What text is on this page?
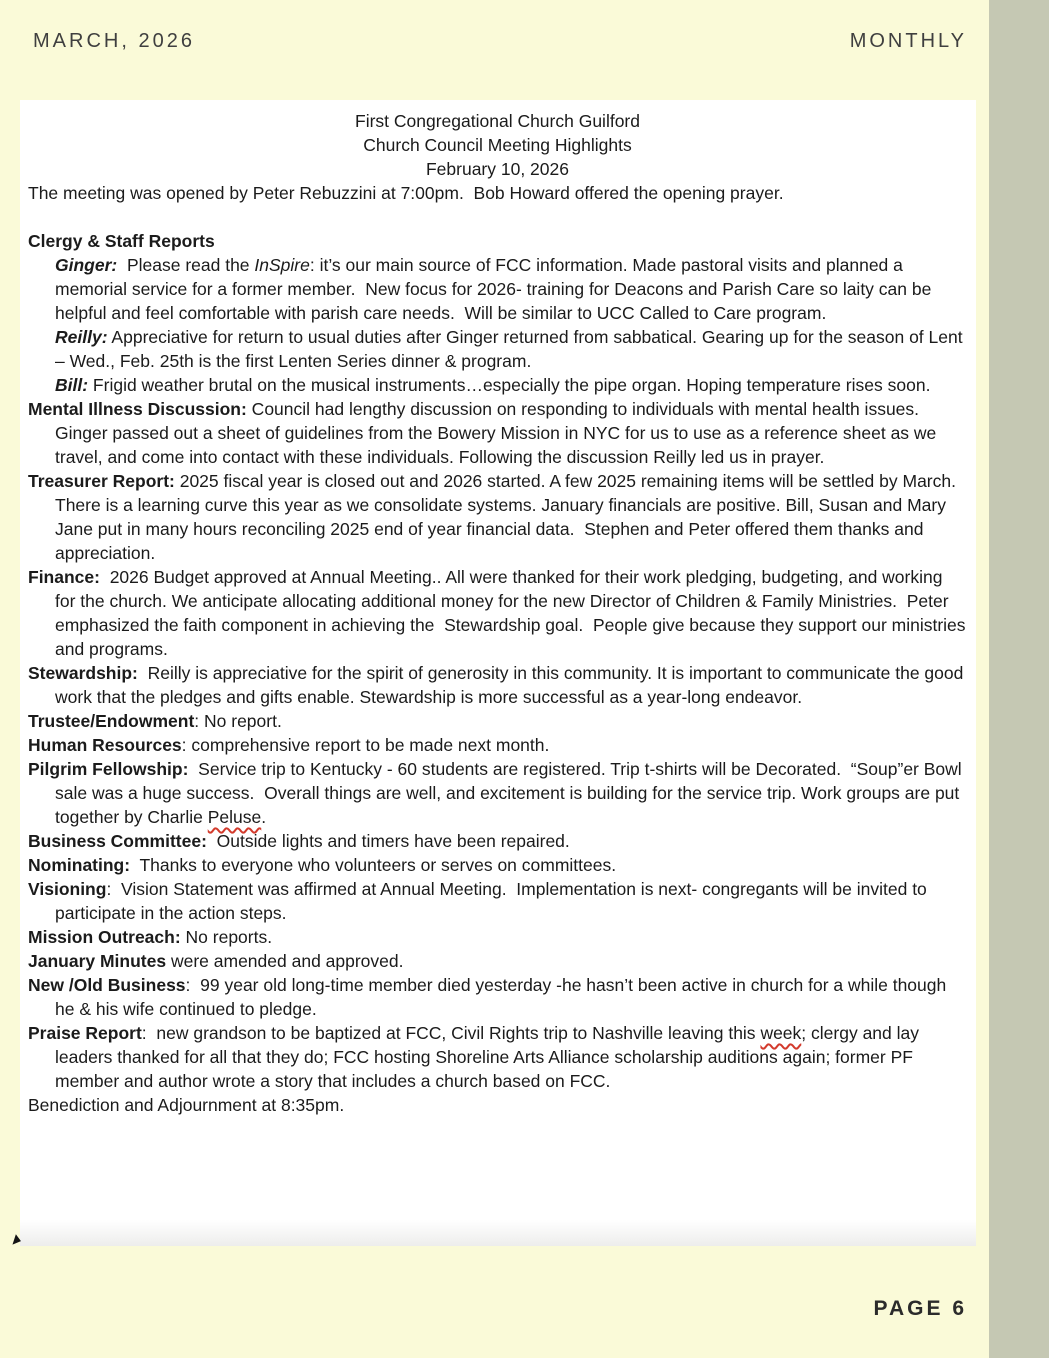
MARCH, 2026	MONTHLY
First Congregational Church Guilford
Church Council Meeting Highlights
February 10, 2026
The meeting was opened by Peter Rebuzzini at 7:00pm.  Bob Howard offered the opening prayer.
Clergy & Staff Reports
Ginger:  Please read the InSpire: it’s our main source of FCC information. Made pastoral visits and planned a memorial service for a former member.  New focus for 2026- training for Deacons and Parish Care so laity can be helpful and feel comfortable with parish care needs.  Will be similar to UCC Called to Care program.
Reilly: Appreciative for return to usual duties after Ginger returned from sabbatical. Gearing up for the season of Lent – Wed., Feb. 25th is the first Lenten Series dinner & program.
Bill: Frigid weather brutal on the musical instruments…especially the pipe organ. Hoping temperature rises soon.
Mental Illness Discussion: Council had lengthy discussion on responding to individuals with mental health issues.  Ginger passed out a sheet of guidelines from the Bowery Mission in NYC for us to use as a reference sheet as we travel, and come into contact with these individuals. Following the discussion Reilly led us in prayer.
Treasurer Report: 2025 fiscal year is closed out and 2026 started. A few 2025 remaining items will be settled by March. There is a learning curve this year as we consolidate systems. January financials are positive. Bill, Susan and Mary Jane put in many hours reconciling 2025 end of year financial data.  Stephen and Peter offered them thanks and appreciation.
Finance:  2026 Budget approved at Annual Meeting.. All were thanked for their work pledging, budgeting, and working for the church. We anticipate allocating additional money for the new Director of Children & Family Ministries.  Peter emphasized the faith component in achieving the  Stewardship goal.  People give because they support our ministries and programs.
Stewardship:  Reilly is appreciative for the spirit of generosity in this community. It is important to communicate the good work that the pledges and gifts enable. Stewardship is more successful as a year-long endeavor.
Trustee/Endowment: No report.
Human Resources: comprehensive report to be made next month.
Pilgrim Fellowship:  Service trip to Kentucky - 60 students are registered. Trip t-shirts will be Decorated.  “Soup”er Bowl sale was a huge success.  Overall things are well, and excitement is building for the service trip. Work groups are put together by Charlie Peluse.
Business Committee:  Outside lights and timers have been repaired.
Nominating:  Thanks to everyone who volunteers or serves on committees.
Visioning:  Vision Statement was affirmed at Annual Meeting.  Implementation is next- congregants will be invited to participate in the action steps.
Mission Outreach: No reports.
January Minutes were amended and approved.
New /Old Business:  99 year old long-time member died yesterday -he hasn’t been active in church for a while though he & his wife continued to pledge.
Praise Report:  new grandson to be baptized at FCC, Civil Rights trip to Nashville leaving this week; clergy and lay leaders thanked for all that they do; FCC hosting Shoreline Arts Alliance scholarship auditions again; former PF member and author wrote a story that includes a church based on FCC.
Benediction and Adjournment at 8:35pm.
PAGE 6
